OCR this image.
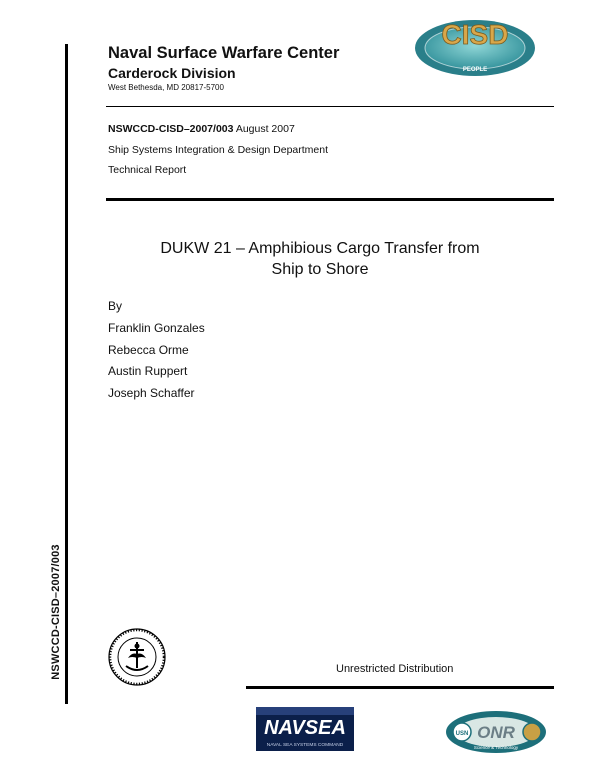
NSWCCD-CISD–2007/003
Naval Surface Warfare Center
Carderock Division
West Bethesda, MD 20817-5700
CISD
PEOPLE
NSWCCD-CISD–2007/003 August 2007
Ship Systems Integration & Design Department
Technical Report
DUKW 21 – Amphibious Cargo Transfer from
Ship to Shore
By
Franklin Gonzales
Rebecca Orme
Austin Ruppert
Joseph Schaffer
Unrestricted Distribution
NAVSEA
NAVAL SEA SYSTEMS COMMAND
USN ONR
Science & Technology
